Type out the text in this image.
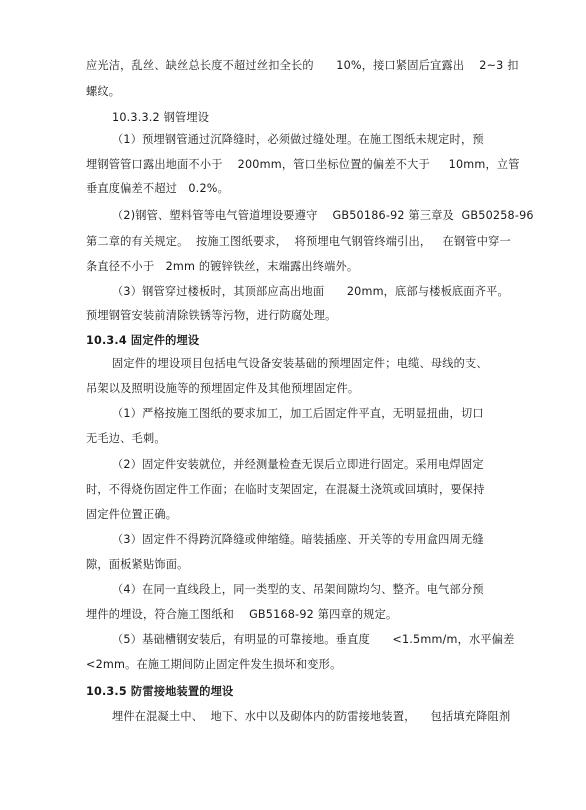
应光洁，乱丝、缺丝总长度不超过丝扣全长的      10%，接口紧固后宜露出    2~3 扣
螺纹。
10.3.3.2 钢管埋设
（1）预埋钢管通过沉降缝时，必须做过缝处理。在施工图纸未规定时，预
埋钢管管口露出地面不小于    200mm，管口坐标位置的偏差不大于     10mm，立管
垂直度偏差不超过   0.2%。
（2)钢管、塑料管等电气管道埋设要遵守    GB50186-92 第三章及  GB50258-96
第二章的有关规定。  按施工图纸要求，  将预埋电气钢管终端引出，   在钢管中穿一
条直径不小于   2mm 的镀锌铁丝，末端露出终端外。
（3）钢管穿过楼板时，其顶部应高出地面      20mm，底部与楼板底面齐平。
预埋钢管安装前清除铁锈等污物，进行防腐处理。
10.3.4 固定件的埋设
固定件的埋设项目包括电气设备安装基础的预埋固定件；电缆、母线的支、
吊架以及照明设施等的预埋固定件及其他预埋固定件。
（1）严格按施工图纸的要求加工，加工后固定件平直，无明显扭曲，切口
无毛边、毛刺。
（2）固定件安装就位，并经测量检查无误后立即进行固定。采用电焊固定
时，不得烧伤固定件工作面；在临时支架固定，在混凝土浇筑或回填时，要保持
固定件位置正确。
（3）固定件不得跨沉降缝或伸缩缝。暗装插座、开关等的专用盒四周无缝
隙，面板紧贴饰面。
（4）在同一直线段上，同一类型的支、吊架间隙均匀、整齐。电气部分预
埋件的埋设，符合施工图纸和    GB5168-92 第四章的规定。
（5）基础槽钢安装后，有明显的可靠接地。垂直度      <1.5mm/m，水平偏差
<2mm。在施工期间防止固定件发生损坏和变形。
10.3.5 防雷接地装置的埋设
埋件在混凝土中、  地下、水中以及砌体内的防雷接地装置，    包括填充降阻剂
